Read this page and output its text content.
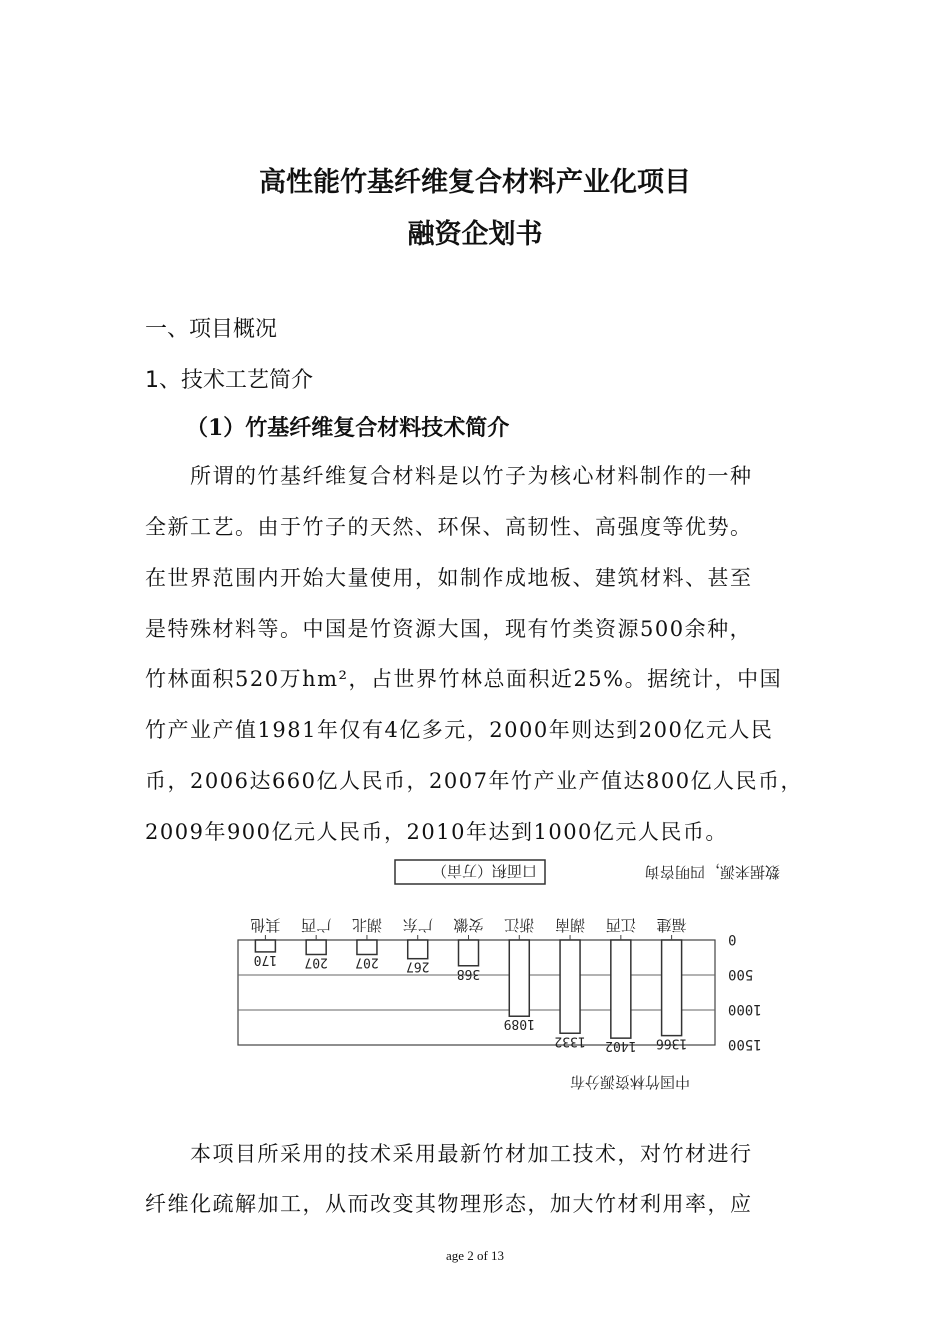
高性能竹基纤维复合材料产业化项目
融资企划书
一、项目概况
1、技术工艺简介
（1）竹基纤维复合材料技术简介
所谓的竹基纤维复合材料是以竹子为核心材料制作的一种
全新工艺。由于竹子的天然、环保、高韧性、高强度等优势。
在世界范围内开始大量使用，如制作成地板、建筑材料、甚至
是特殊材料等。中国是竹资源大国，现有竹类资源500余种，
竹林面积520万hm²，占世界竹林总面积近25%。据统计，中国
竹产业产值1981年仅有4亿多元，2000年则达到200亿元人民
币，2006达660亿人民币，2007年竹产业产值达800亿人民币，
2009年900亿元人民币，2010年达到1000亿元人民币。
中国竹林资源分布
数据来源，四明咨询
口面积（万亩）
0
500
1000
1500
1366
福建
1402
江西
1332
湖南
1089
浙江
368
安徽
267
广东
207
湖北
207
广西
170
其他
本项目所采用的技术采用最新竹材加工技术，对竹材进行
纤维化疏解加工，从而改变其物理形态，加大竹材利用率，应
age 2 of 13
